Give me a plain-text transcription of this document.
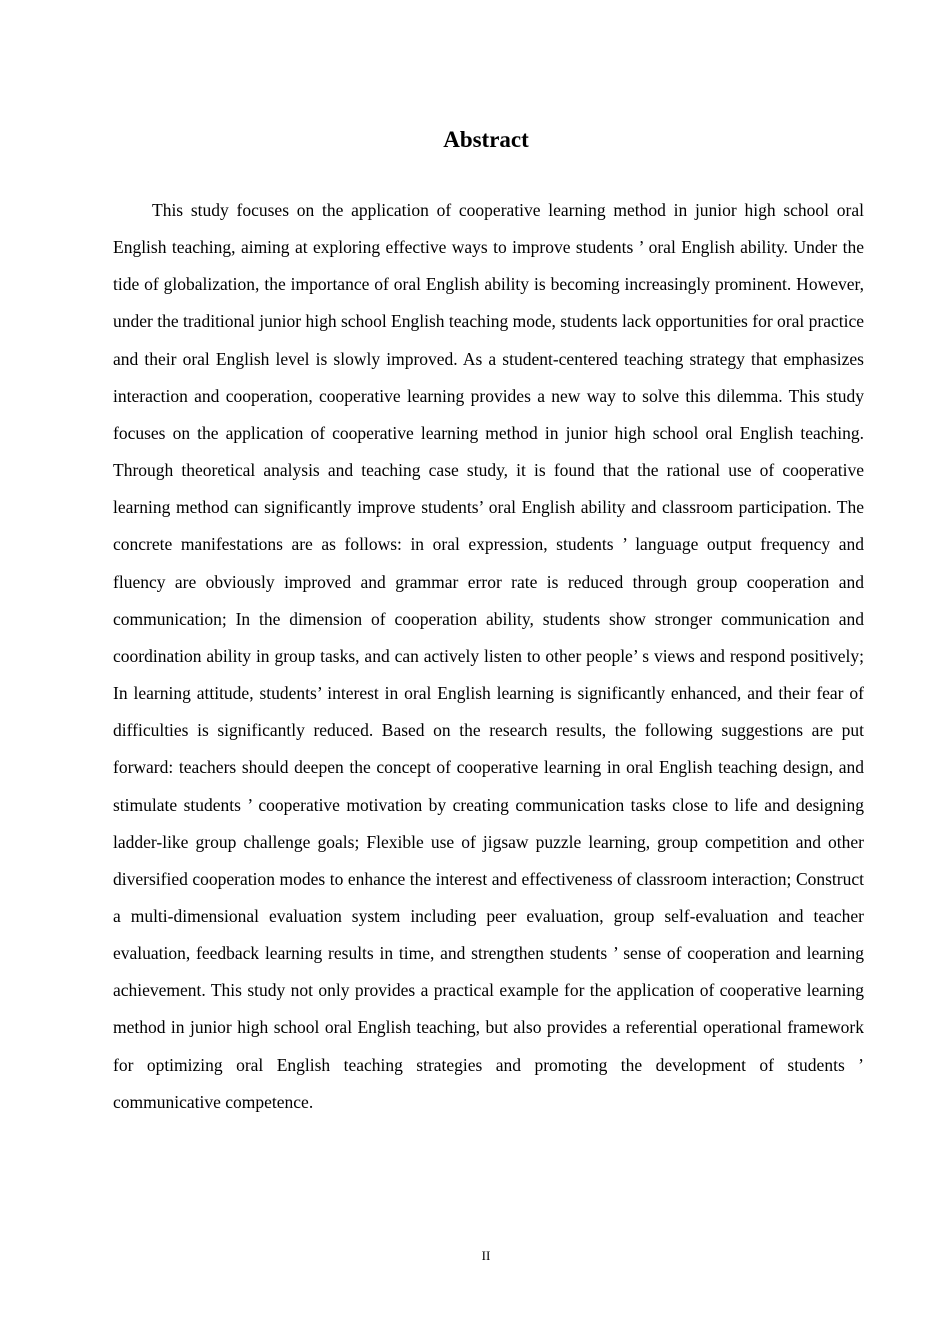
Abstract

This study focuses on the application of cooperative learning method in junior high school oral English teaching, aiming at exploring effective ways to improve students ’ oral English ability. Under the tide of globalization, the importance of oral English ability is becoming increasingly prominent. However, under the traditional junior high school English teaching mode, students lack opportunities for oral practice and their oral English level is slowly improved. As a student-centered teaching strategy that emphasizes interaction and cooperation, cooperative learning provides a new way to solve this dilemma. This study focuses on the application of cooperative learning method in junior high school oral English teaching. Through theoretical analysis and teaching case study, it is found that the rational use of cooperative learning method can significantly improve students’ oral English ability and classroom participation. The concrete manifestations are as follows: in oral expression, students ’ language output frequency and fluency are obviously improved and grammar error rate is reduced through group cooperation and communication; In the dimension of cooperation ability, students show stronger communication and coordination ability in group tasks, and can actively listen to other people’ s views and respond positively; In learning attitude, students’ interest in oral English learning is significantly enhanced, and their fear of difficulties is significantly reduced. Based on the research results, the following suggestions are put forward: teachers should deepen the concept of cooperative learning in oral English teaching design, and stimulate students ’ cooperative motivation by creating communication tasks close to life and designing ladder-like group challenge goals; Flexible use of jigsaw puzzle learning, group competition and other diversified cooperation modes to enhance the interest and effectiveness of classroom interaction; Construct a multi-dimensional evaluation system including peer evaluation, group self-evaluation and teacher evaluation, feedback learning results in time, and strengthen students ’ sense of cooperation and learning achievement. This study not only provides a practical example for the application of cooperative learning method in junior high school oral English teaching, but also provides a referential operational framework for optimizing oral English teaching strategies and promoting the development of students ’ communicative competence.

II
